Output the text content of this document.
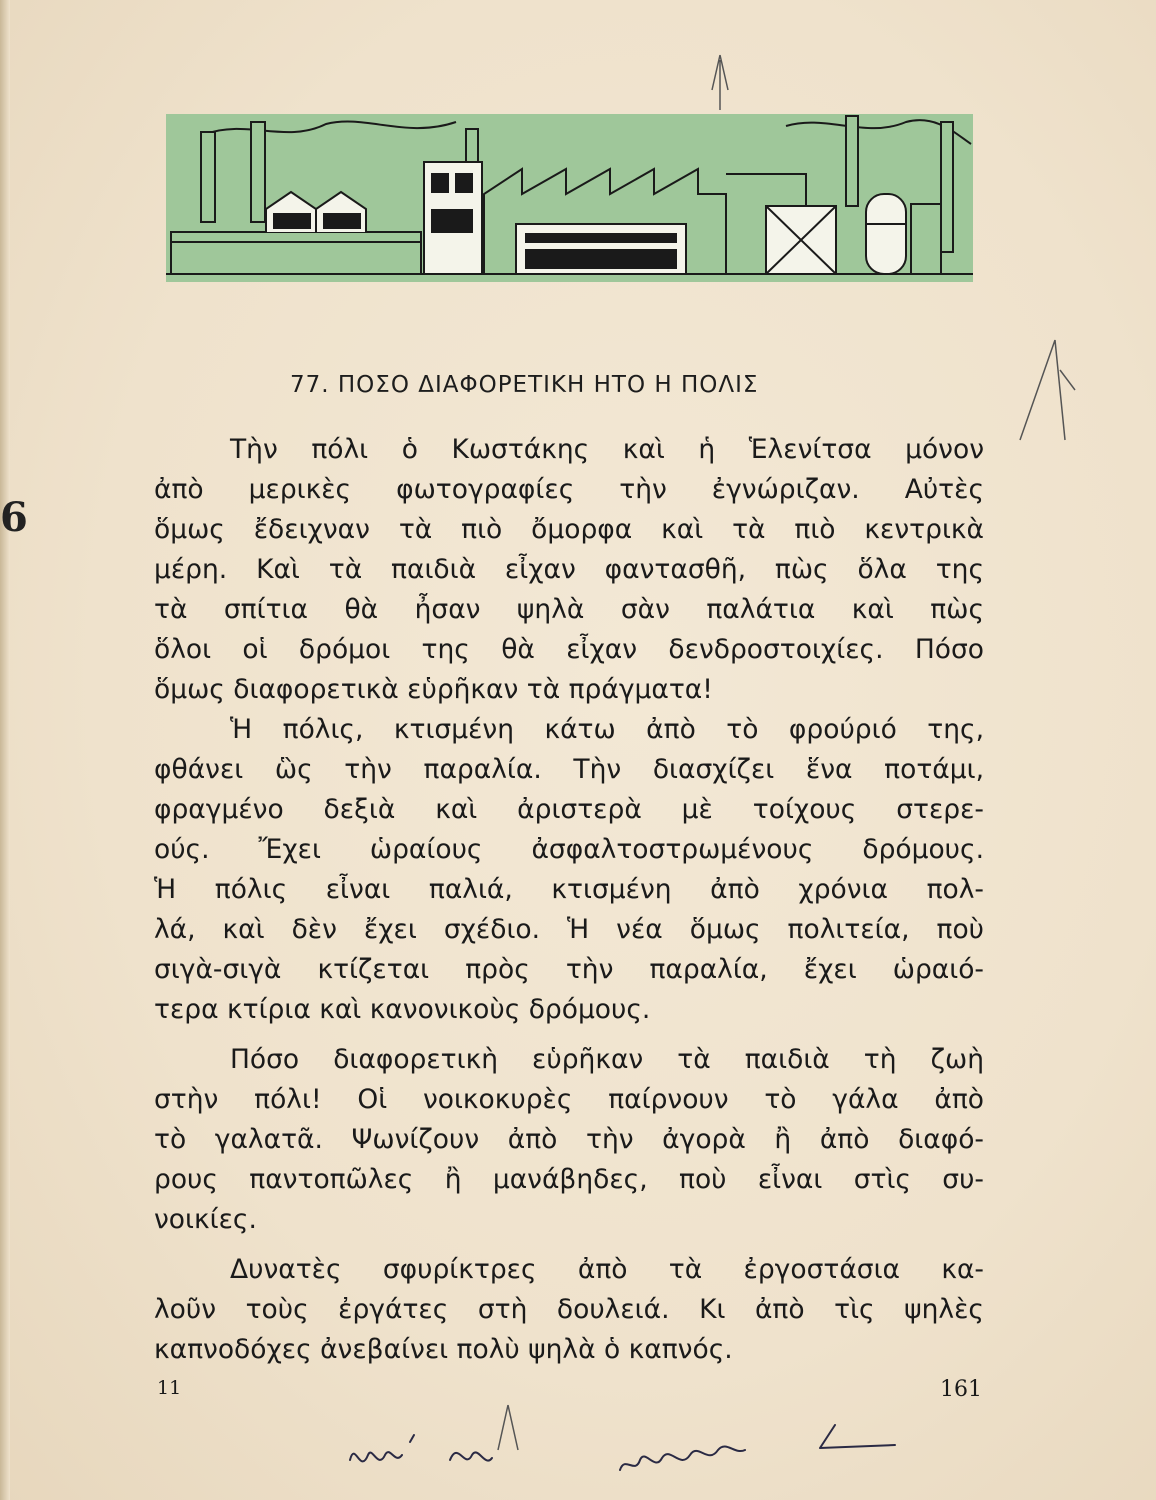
6
77. ΠΟΣΟ ΔΙΑΦΟΡΕΤΙΚΗ ΗΤΟ Η ΠΟΛΙΣ
Τὴν πόλι ὁ Κωστάκης καὶ ἡ Ἑλενίτσα μόνον
ἀπὸ μερικὲς φωτογραφίες τὴν ἐγνώριζαν. Αὐτὲς
ὅμως ἔδειχναν τὰ πιὸ ὄμορφα καὶ τὰ πιὸ κεντρικὰ
μέρη. Καὶ τὰ παιδιὰ εἶχαν φαντασθῆ, πὼς ὅλα της
τὰ σπίτια θὰ ἦσαν ψηλὰ σὰν παλάτια καὶ πὼς
ὅλοι οἱ δρόμοι της θὰ εἶχαν δενδροστοιχίες. Πόσο
ὅμως διαφορετικὰ εὑρῆκαν τὰ πράγματα!
Ἡ πόλις, κτισμένη κάτω ἀπὸ τὸ φρούριό της,
φθάνει ὣς τὴν παραλία. Τὴν διασχίζει ἕνα ποτάμι,
φραγμένο δεξιὰ καὶ ἀριστερὰ μὲ τοίχους στερε-
ούς. Ἔχει ὡραίους ἀσφαλτοστρωμένους δρόμους.
Ἡ πόλις εἶναι παλιά, κτισμένη ἀπὸ χρόνια πολ-
λά, καὶ δὲν ἔχει σχέδιο. Ἡ νέα ὅμως πολιτεία, ποὺ
σιγὰ-σιγὰ κτίζεται πρὸς τὴν παραλία, ἔχει ὡραιό-
τερα κτίρια καὶ κανονικοὺς δρόμους.
Πόσο διαφορετικὴ εὑρῆκαν τὰ παιδιὰ τὴ ζωὴ
στὴν πόλι! Οἱ νοικοκυρὲς παίρνουν τὸ γάλα ἀπὸ
τὸ γαλατᾶ. Ψωνίζουν ἀπὸ τὴν ἀγορὰ ἢ ἀπὸ διαφό-
ρους παντοπῶλες ἢ μανάβηδες, ποὺ εἶναι στὶς συ-
νοικίες.
Δυνατὲς σφυρίκτρες ἀπὸ τὰ ἐργοστάσια κα-
λοῦν τοὺς ἐργάτες στὴ δουλειά. Κι ἀπὸ τὶς ψηλὲς
καπνοδόχες ἀνεβαίνει πολὺ ψηλὰ ὁ καπνός.
11	161
